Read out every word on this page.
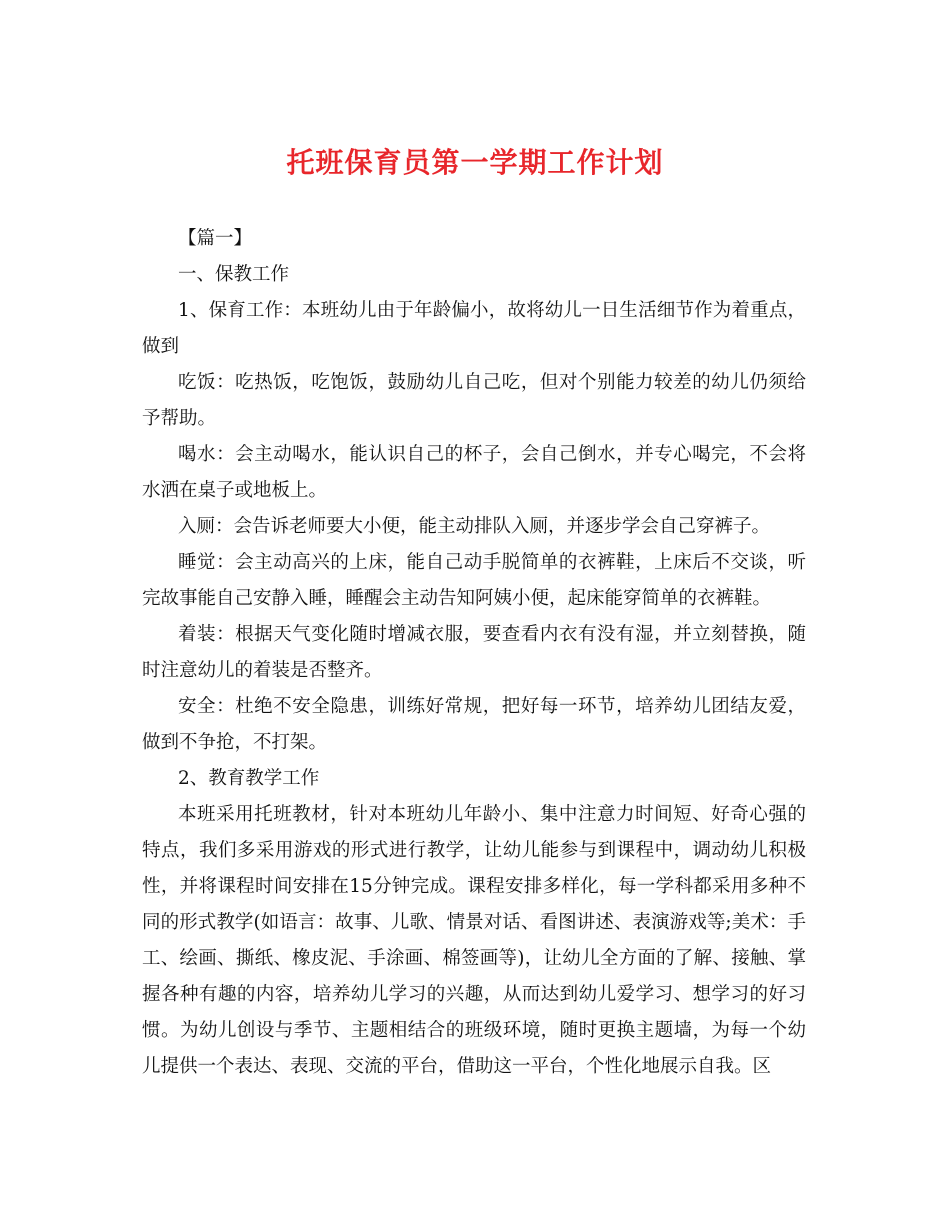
托班保育员第一学期工作计划

【篇一】

一、保教工作

1、保育工作：本班幼儿由于年龄偏小，故将幼儿一日生活细节作为着重点，做到

吃饭：吃热饭，吃饱饭，鼓励幼儿自己吃，但对个别能力较差的幼儿仍须给予帮助。

喝水：会主动喝水，能认识自己的杯子，会自己倒水，并专心喝完，不会将水洒在桌子或地板上。

入厕：会告诉老师要大小便，能主动排队入厕，并逐步学会自己穿裤子。

睡觉：会主动高兴的上床，能自己动手脱简单的衣裤鞋，上床后不交谈，听完故事能自己安静入睡，睡醒会主动告知阿姨小便，起床能穿简单的衣裤鞋。

着装：根据天气变化随时增减衣服，要查看内衣有没有湿，并立刻替换，随时注意幼儿的着装是否整齐。

安全：杜绝不安全隐患，训练好常规，把好每一环节，培养幼儿团结友爱，做到不争抢，不打架。

2、教育教学工作

本班采用托班教材，针对本班幼儿年龄小、集中注意力时间短、好奇心强的特点，我们多采用游戏的形式进行教学，让幼儿能参与到课程中，调动幼儿积极性，并将课程时间安排在15分钟完成。课程安排多样化，每一学科都采用多种不同的形式教学(如语言：故事、儿歌、情景对话、看图讲述、表演游戏等;美术：手工、绘画、撕纸、橡皮泥、手涂画、棉签画等)，让幼儿全方面的了解、接触、掌握各种有趣的内容，培养幼儿学习的兴趣，从而达到幼儿爱学习、想学习的好习惯。为幼儿创设与季节、主题相结合的班级环境，随时更换主题墙，为每一个幼儿提供一个表达、表现、交流的平台，借助这一平台，个性化地展示自我。区
